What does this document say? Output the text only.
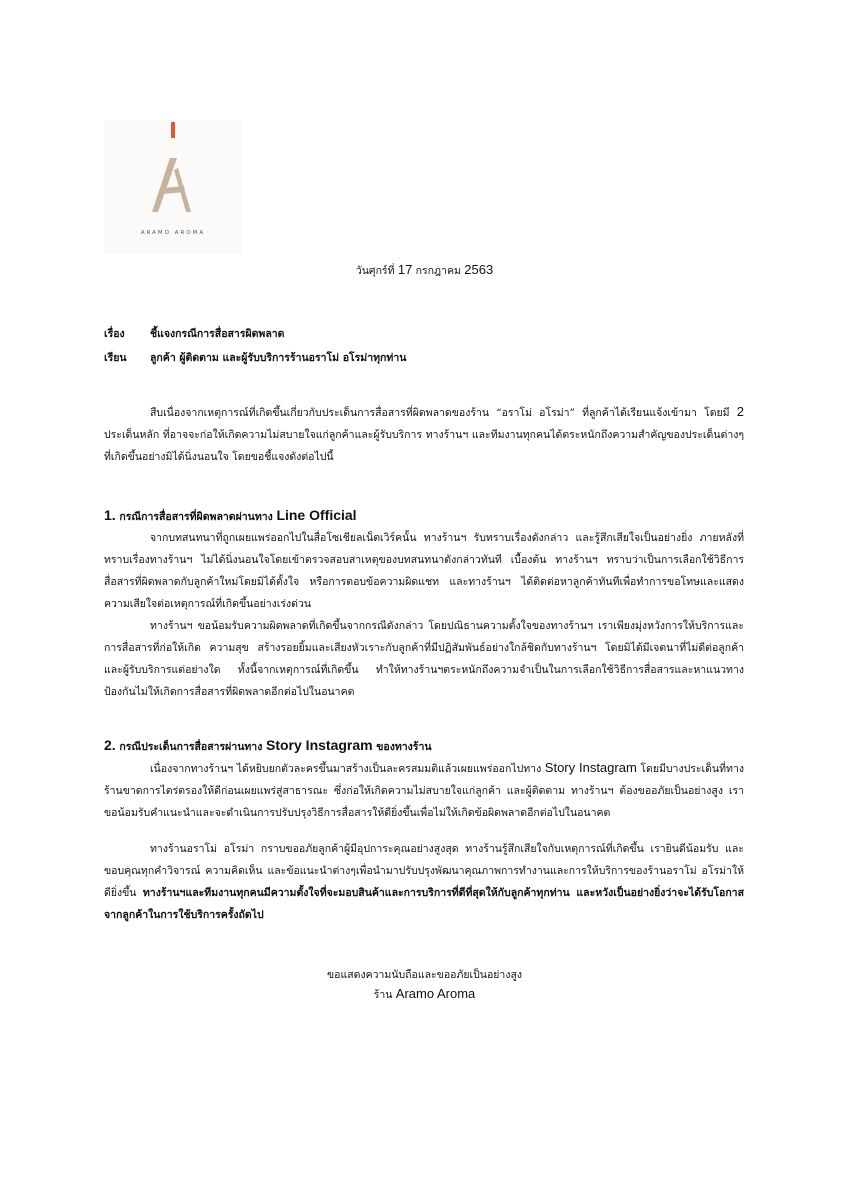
ARAMO AROMA
วันศุกร์ที่ 17 กรกฎาคม 2563
เรื่อง	ชี้แจงกรณีการสื่อสารผิดพลาด
เรียน	ลูกค้า ผู้ติดตาม และผู้รับบริการร้านอราโม่ อโรม่าทุกท่าน
สืบเนื่องจากเหตุการณ์ที่เกิดขึ้นเกี่ยวกับประเด็นการสื่อสารที่ผิดพลาดของร้าน “อราโม่ อโรม่า” ที่ลูกค้าได้เรียนแจ้งเข้ามา โดยมี 2 ประเด็นหลัก ที่อาจจะก่อให้เกิดความไม่สบายใจแก่ลูกค้าและผู้รับบริการ ทางร้านฯ และทีมงานทุกคนได้ตระหนักถึงความสำคัญของประเด็นต่างๆที่เกิดขึ้นอย่างมิได้นิ่งนอนใจ โดยขอชี้แจงดังต่อไปนี้
1. กรณีการสื่อสารที่ผิดพลาดผ่านทาง Line Official
จากบทสนทนาที่ถูกเผยแพร่ออกไปในสื่อโซเชียลเน็ตเวิร์คนั้น ทางร้านฯ รับทราบเรื่องดังกล่าว และรู้สึกเสียใจเป็นอย่างยิ่ง ภายหลังที่ทราบเรื่องทางร้านฯ ไม่ได้นิ่งนอนใจโดยเข้าตรวจสอบสาเหตุของบทสนทนาดังกล่าวทันที เบื้องต้น ทางร้านฯ ทราบว่าเป็นการเลือกใช้วิธีการสื่อสารที่ผิดพลาดกับลูกค้าใหม่โดยมิได้ตั้งใจ หรือการตอบข้อความผิดแชท และทางร้านฯ ได้ติดต่อหาลูกค้าทันทีเพื่อทำการขอโทษและแสดงความเสียใจต่อเหตุการณ์ที่เกิดขึ้นอย่างเร่งด่วน
ทางร้านฯ ขอน้อมรับความผิดพลาดที่เกิดขึ้นจากกรณีดังกล่าว โดยปณิธานความตั้งใจของทางร้านฯ เราเพียงมุ่งหวังการให้บริการและการสื่อสารที่ก่อให้เกิด ความสุข สร้างรอยยิ้มและเสียงหัวเราะกับลูกค้าที่มีปฏิสัมพันธ์อย่างใกล้ชิดกับทางร้านฯ โดยมิได้มีเจตนาที่ไม่ดีต่อลูกค้าและผู้รับบริการแต่อย่างใด ทั้งนี้จากเหตุการณ์ที่เกิดขึ้น ทำให้ทางร้านฯตระหนักถึงความจำเป็นในการเลือกใช้วิธีการสื่อสารและหาแนวทางป้องกันไม่ให้เกิดการสื่อสารที่ผิดพลาดอีกต่อไปในอนาคต
2. กรณีประเด็นการสื่อสารผ่านทาง Story Instagram ของทางร้าน
เนื่องจากทางร้านฯ ได้หยิบยกตัวละครขึ้นมาสร้างเป็นละครสมมติแล้วเผยแพร่ออกไปทาง Story Instagram โดยมีบางประเด็นที่ทางร้านขาดการไตร่ตรองให้ดีก่อนเผยแพร่สู่สาธารณะ ซึ่งก่อให้เกิดความไม่สบายใจแก่ลูกค้า และผู้ติดตาม ทางร้านฯ ต้องขออภัยเป็นอย่างสูง เราขอน้อมรับคำแนะนำและจะดำเนินการปรับปรุงวิธีการสื่อสารให้ดียิ่งขึ้นเพื่อไม่ให้เกิดข้อผิดพลาดอีกต่อไปในอนาคต
ทางร้านอราโม่ อโรม่า กราบขออภัยลูกค้าผู้มีอุปการะคุณอย่างสูงสุด ทางร้านรู้สึกเสียใจกับเหตุการณ์ที่เกิดขึ้น เรายินดีน้อมรับ และขอบคุณทุกคำวิจารณ์ ความคิดเห็น และข้อแนะนำต่างๆเพื่อนำมาปรับปรุงพัฒนาคุณภาพการทำงานและการให้บริการของร้านอราโม่ อโรม่าให้ดียิ่งขึ้น ทางร้านฯและทีมงานทุกคนมีความตั้งใจที่จะมอบสินค้าและการบริการที่ดีที่สุดให้กับลูกค้าทุกท่าน และหวังเป็นอย่างยิ่งว่าจะได้รับโอกาสจากลูกค้าในการใช้บริการครั้งถัดไป
ขอแสดงความนับถือและขออภัยเป็นอย่างสูง
ร้าน Aramo Aroma
